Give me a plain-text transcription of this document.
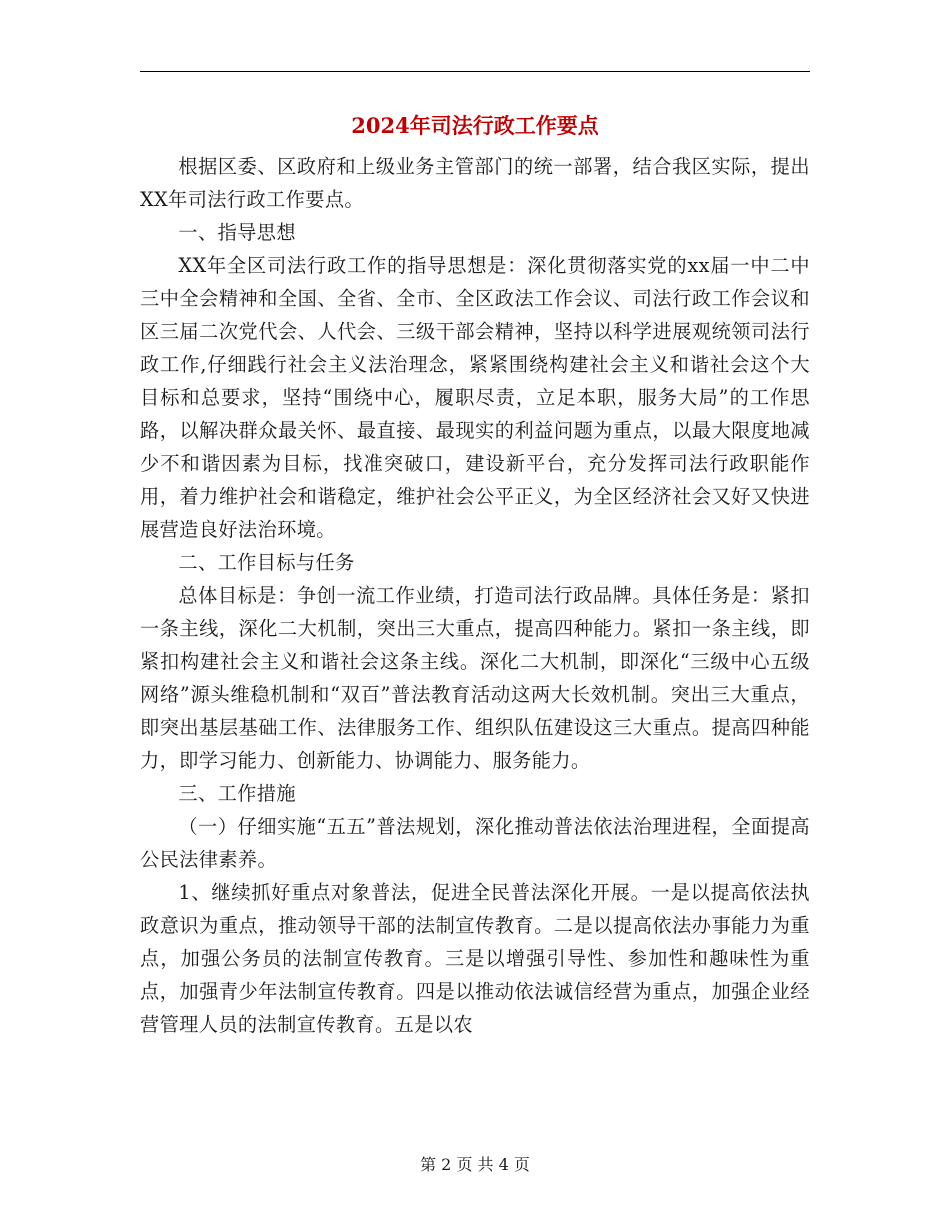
2024年司法行政工作要点

根据区委、区政府和上级业务主管部门的统一部署，结合我区实际，提出XX年司法行政工作要点。

一、指导思想

XX年全区司法行政工作的指导思想是：深化贯彻落实党的xx届一中二中三中全会精神和全国、全省、全市、全区政法工作会议、司法行政工作会议和区三届二次党代会、人代会、三级干部会精神，坚持以科学进展观统领司法行政工作,仔细践行社会主义法治理念，紧紧围绕构建社会主义和谐社会这个大目标和总要求，坚持“围绕中心，履职尽责，立足本职，服务大局”的工作思路，以解决群众最关怀、最直接、最现实的利益问题为重点，以最大限度地减少不和谐因素为目标，找准突破口，建设新平台，充分发挥司法行政职能作用，着力维护社会和谐稳定，维护社会公平正义，为全区经济社会又好又快进展营造良好法治环境。

二、工作目标与任务

总体目标是：争创一流工作业绩，打造司法行政品牌。具体任务是：紧扣一条主线，深化二大机制，突出三大重点，提高四种能力。紧扣一条主线，即紧扣构建社会主义和谐社会这条主线。深化二大机制，即深化“三级中心五级网络”源头维稳机制和“双百”普法教育活动这两大长效机制。突出三大重点，即突出基层基础工作、法律服务工作、组织队伍建设这三大重点。提高四种能力，即学习能力、创新能力、协调能力、服务能力。

三、工作措施

（一）仔细实施“五五”普法规划，深化推动普法依法治理进程，全面提高公民法律素养。

1、继续抓好重点对象普法，促进全民普法深化开展。一是以提高依法执政意识为重点，推动领导干部的法制宣传教育。二是以提高依法办事能力为重点，加强公务员的法制宣传教育。三是以增强引导性、参加性和趣味性为重点，加强青少年法制宣传教育。四是以推动依法诚信经营为重点，加强企业经营管理人员的法制宣传教育。五是以农

第 2 页 共 4 页
